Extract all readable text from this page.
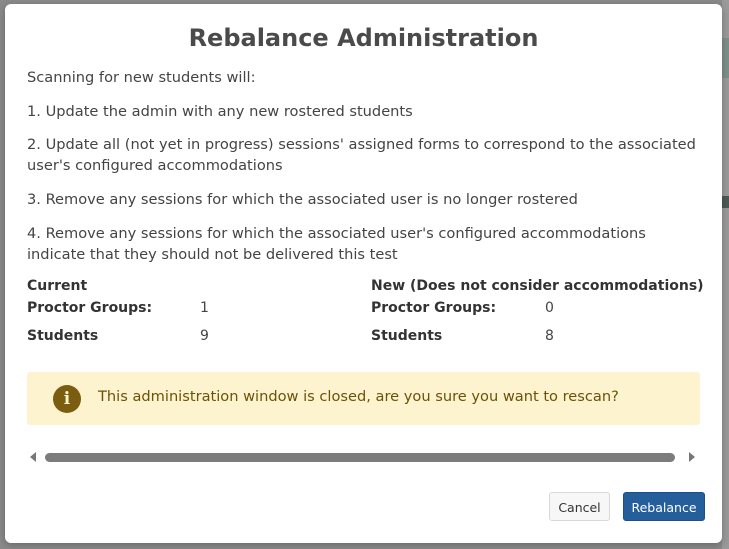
Rebalance Administration
Scanning for new students will:
1. Update the admin with any new rostered students
2. Update all (not yet in progress) sessions' assigned forms to correspond to the associated user's configured accommodations
3. Remove any sessions for which the associated user is no longer rostered
4. Remove any sessions for which the associated user's configured accommodations indicate that they should not be delivered this test
Current
Proctor Groups:	1
Students	9
New (Does not consider accommodations)
Proctor Groups:	0
Students	8
i	This administration window is closed, are you sure you want to rescan?
Cancel	Rebalance
